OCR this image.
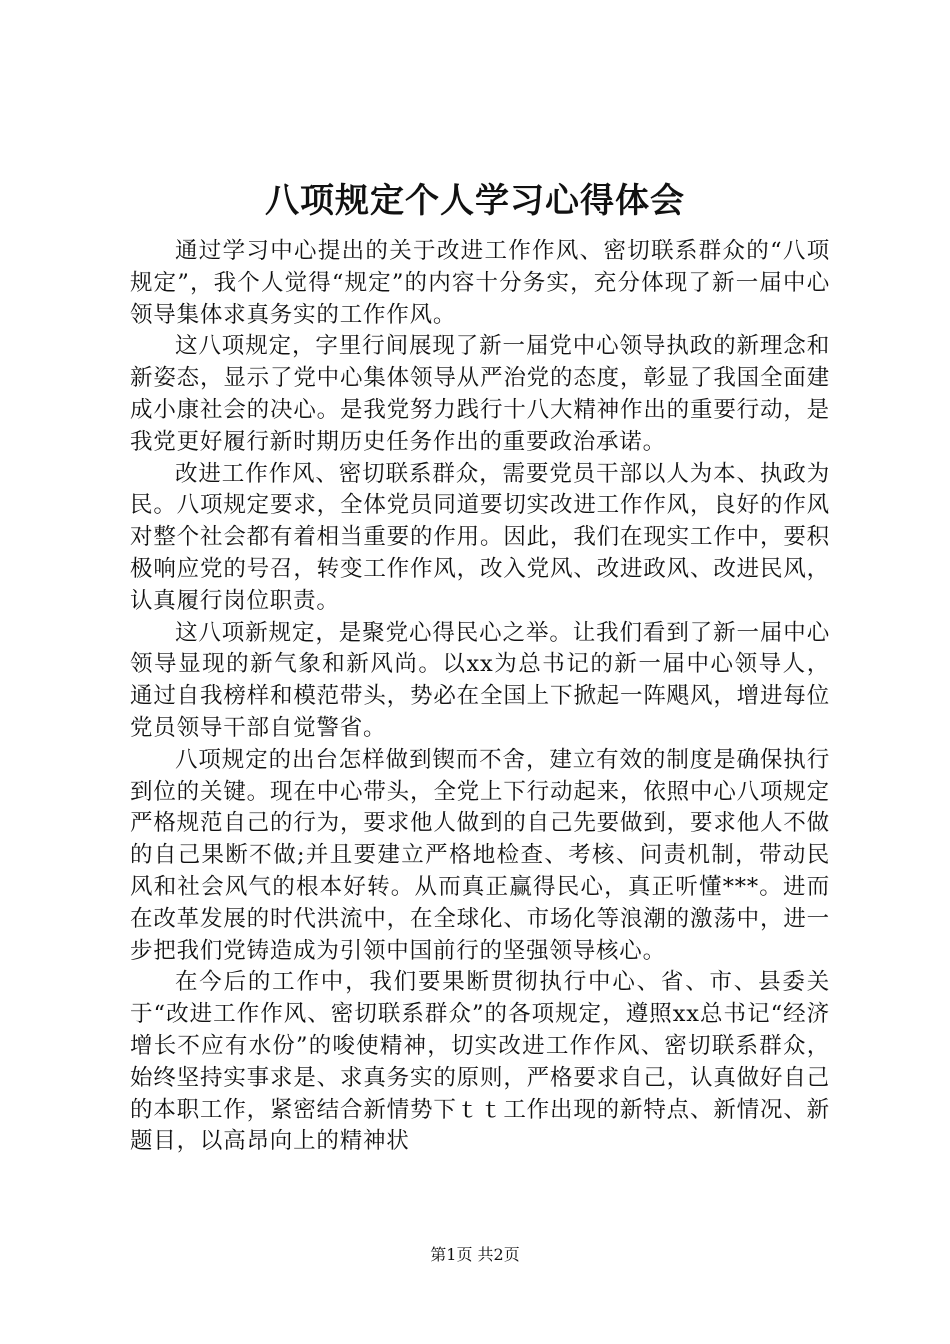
八项规定个人学习心得体会

通过学习中心提出的关于改进工作作风、密切联系群众的“八项规定”，我个人觉得“规定”的内容十分务实，充分体现了新一届中心领导集体求真务实的工作作风。

这八项规定，字里行间展现了新一届党中心领导执政的新理念和新姿态，显示了党中心集体领导从严治党的态度，彰显了我国全面建成小康社会的决心。是我党努力践行十八大精神作出的重要行动，是我党更好履行新时期历史任务作出的重要政治承诺。

改进工作作风、密切联系群众，需要党员干部以人为本、执政为民。八项规定要求，全体党员同道要切实改进工作作风，良好的作风对整个社会都有着相当重要的作用。因此，我们在现实工作中，要积极响应党的号召，转变工作作风，改入党风、改进政风、改进民风，认真履行岗位职责。

这八项新规定，是聚党心得民心之举。让我们看到了新一届中心领导显现的新气象和新风尚。以xx为总书记的新一届中心领导人，通过自我榜样和模范带头，势必在全国上下掀起一阵飓风，增进每位党员领导干部自觉警省。

八项规定的出台怎样做到锲而不舍，建立有效的制度是确保执行到位的关键。现在中心带头，全党上下行动起来，依照中心八项规定严格规范自己的行为，要求他人做到的自己先要做到，要求他人不做的自己果断不做;并且要建立严格地检查、考核、问责机制，带动民风和社会风气的根本好转。从而真正赢得民心，真正听懂***。进而在改革发展的时代洪流中，在全球化、市场化等浪潮的激荡中，进一步把我们党铸造成为引领中国前行的坚强领导核心。

在今后的工作中，我们要果断贯彻执行中心、省、市、县委关于“改进工作作风、密切联系群众”的各项规定，遵照xx总书记“经济增长不应有水份”的唆使精神，切实改进工作作风、密切联系群众，始终坚持实事求是、求真务实的原则，严格要求自己，认真做好自己的本职工作，紧密结合新情势下ｔｔ工作出现的新特点、新情况、新题目，以高昂向上的精神状

第1页 共2页
